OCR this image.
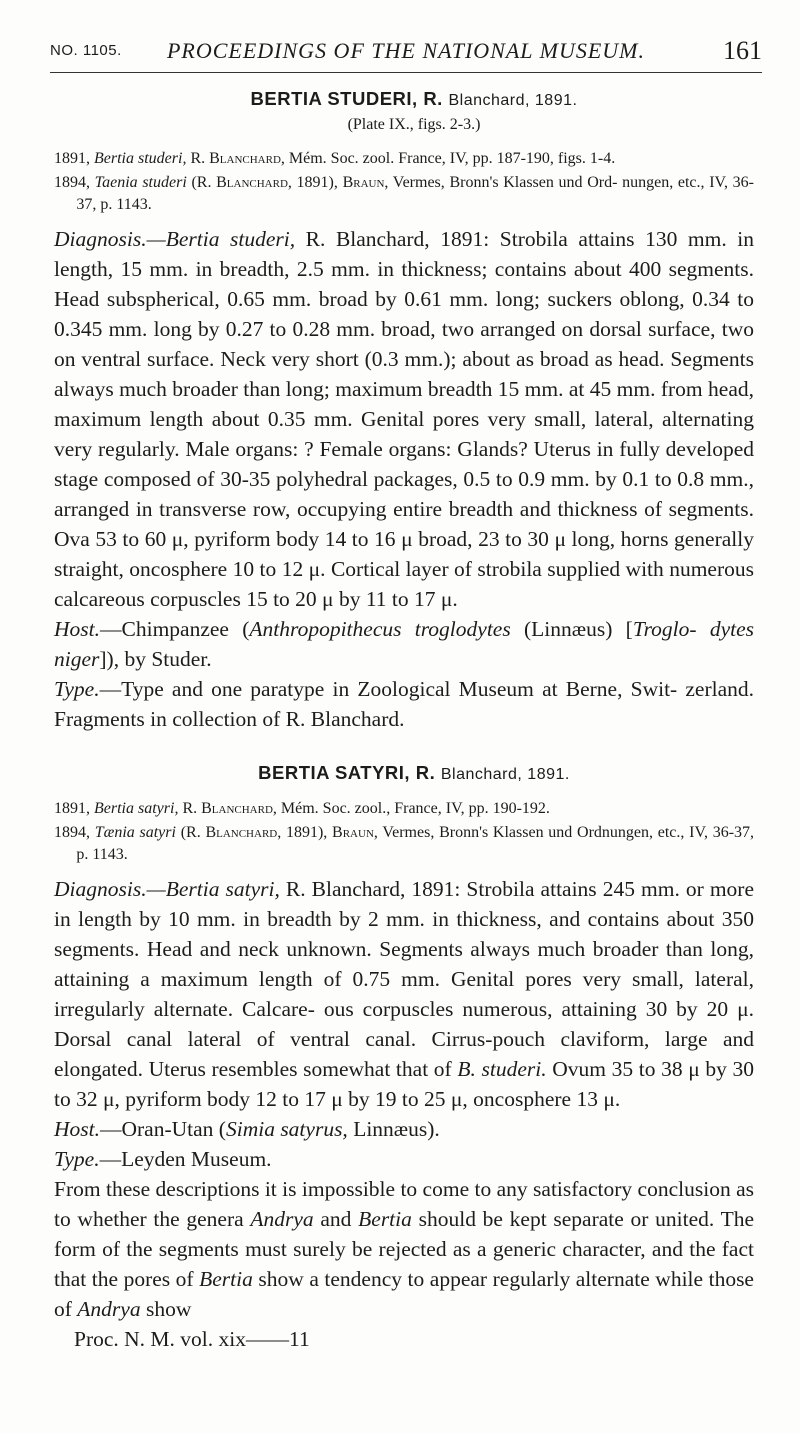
NO. 1105.	PROCEEDINGS OF THE NATIONAL MUSEUM.	161
BERTIA STUDERI, R. Blanchard, 1891.
(Plate IX., figs. 2-3.)

1891, Bertia studeri, R. Blanchard, Mém. Soc. zool. France, IV, pp. 187-190, figs. 1-4.

1894, Taenia studeri (R. Blanchard, 1891), Braun, Vermes, Bronn's Klassen und Ord- nungen, etc., IV, 36-37, p. 1143.

Diagnosis.—Bertia studeri, R. Blanchard, 1891: Strobila attains 130 mm. in length, 15 mm. in breadth, 2.5 mm. in thickness; contains about 400 segments. Head subspherical, 0.65 mm. broad by 0.61 mm. long; suckers oblong, 0.34 to 0.345 mm. long by 0.27 to 0.28 mm. broad, two arranged on dorsal surface, two on ventral surface. Neck very short (0.3 mm.); about as broad as head. Segments always much broader than long; maximum breadth 15 mm. at 45 mm. from head, maximum length about 0.35 mm. Genital pores very small, lateral, alternating very regularly. Male organs: ? Female organs: Glands? Uterus in fully developed stage composed of 30-35 polyhedral packages, 0.5 to 0.9 mm. by 0.1 to 0.8 mm., arranged in transverse row, occupying entire breadth and thickness of segments. Ova 53 to 60 μ, pyriform body 14 to 16 μ broad, 23 to 30 μ long, horns generally straight, oncosphere 10 to 12 μ. Cortical layer of strobila supplied with numerous calcareous corpuscles 15 to 20 μ by 11 to 17 μ.

Host.—Chimpanzee (Anthropopithecus troglodytes (Linnæus) [Troglo- dytes niger]), by Studer.

Type.—Type and one paratype in Zoological Museum at Berne, Swit- zerland. Fragments in collection of R. Blanchard.

BERTIA SATYRI, R. Blanchard, 1891.

1891, Bertia satyri, R. Blanchard, Mém. Soc. zool., France, IV, pp. 190-192.

1894, Tænia satyri (R. Blanchard, 1891), Braun, Vermes, Bronn's Klassen und Ordnungen, etc., IV, 36-37, p. 1143.

Diagnosis.—Bertia satyri, R. Blanchard, 1891: Strobila attains 245 mm. or more in length by 10 mm. in breadth by 2 mm. in thickness, and contains about 350 segments. Head and neck unknown. Segments always much broader than long, attaining a maximum length of 0.75 mm. Genital pores very small, lateral, irregularly alternate. Calcare- ous corpuscles numerous, attaining 30 by 20 μ. Dorsal canal lateral of ventral canal. Cirrus-pouch claviform, large and elongated. Uterus resembles somewhat that of B. studeri. Ovum 35 to 38 μ by 30 to 32 μ, pyriform body 12 to 17 μ by 19 to 25 μ, oncosphere 13 μ.

Host.—Oran-Utan (Simia satyrus, Linnæus).

Type.—Leyden Museum.

From these descriptions it is impossible to come to any satisfactory conclusion as to whether the genera Andrya and Bertia should be kept separate or united. The form of the segments must surely be rejected as a generic character, and the fact that the pores of Bertia show a tendency to appear regularly alternate while those of Andrya show

Proc. N. M. vol. xix——11
